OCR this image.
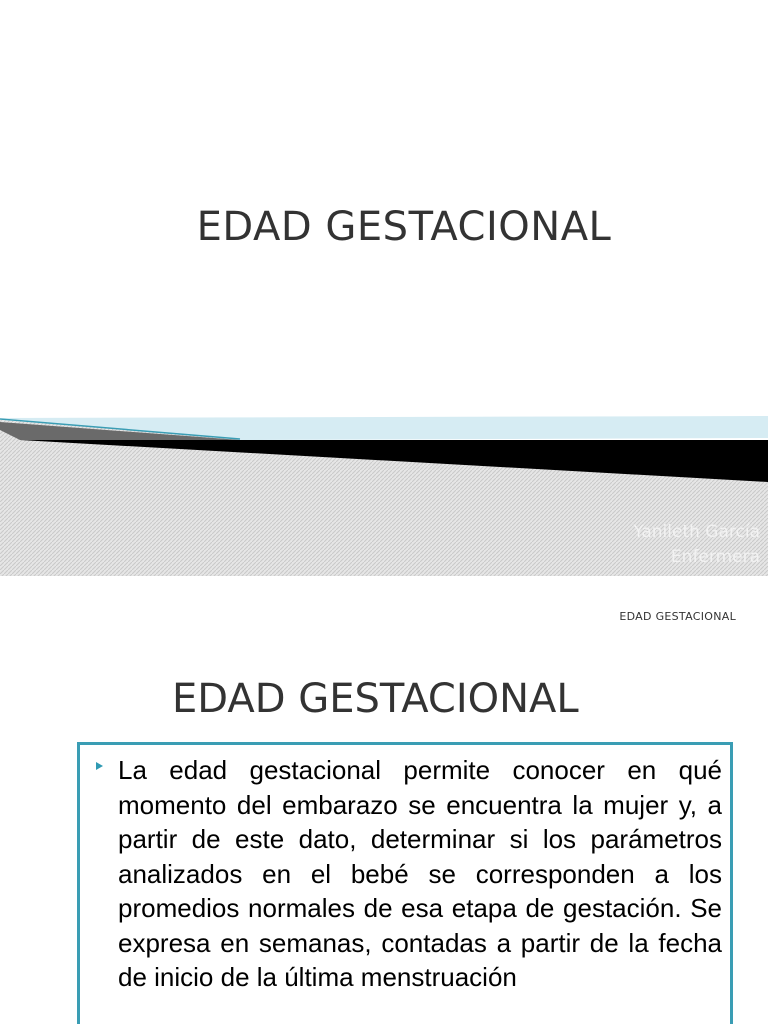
EDAD GESTACIONAL
Yanileth García
Enfermera
EDAD GESTACIONAL
EDAD GESTACIONAL
La edad gestacional permite conocer en qué momento del embarazo se encuentra la mujer y, a partir de este dato, determinar si los parámetros analizados en el bebé se corresponden a los promedios normales de esa etapa de gestación. Se expresa en semanas, contadas a partir de la fecha de inicio de la última menstruación
